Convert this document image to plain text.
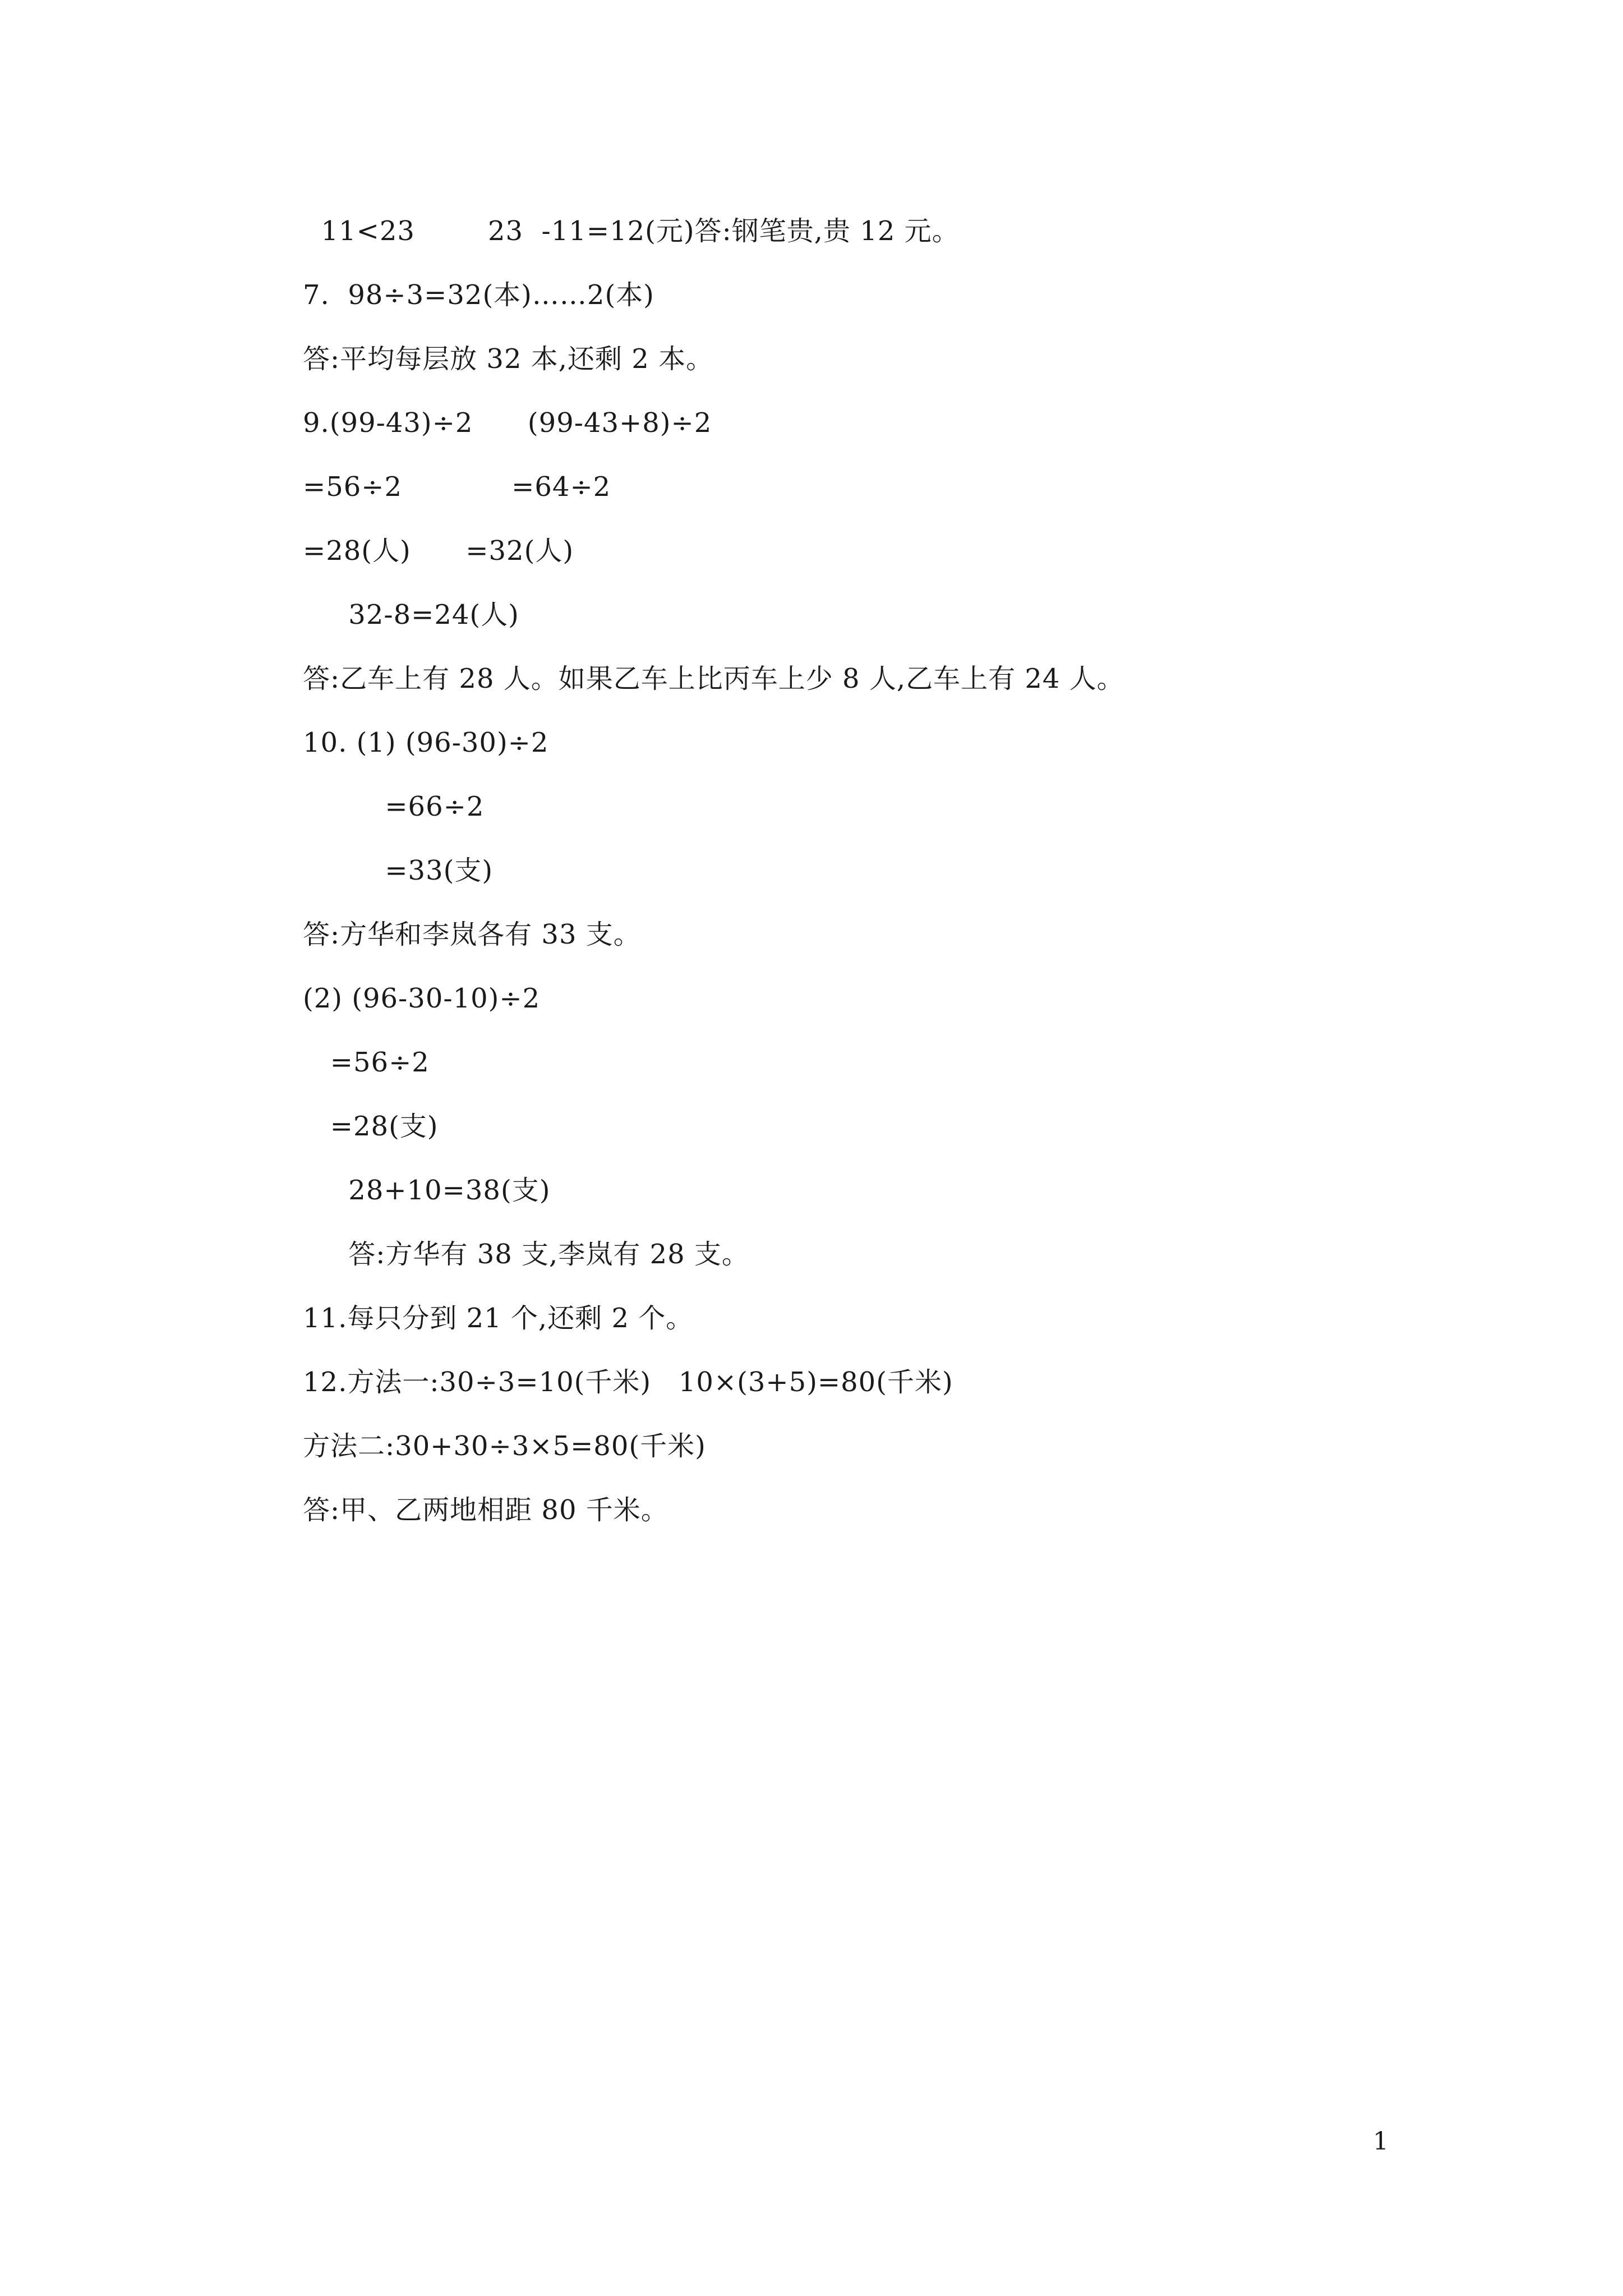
11<23        23  -11=12(元)答:钢笔贵,贵 12 元。
7.  98÷3=32(本)……2(本)
答:平均每层放 32 本,还剩 2 本。
9.(99-43)÷2      (99-43+8)÷2
=56÷2            =64÷2
=28(人)      =32(人)
32-8=24(人)
答:乙车上有 28 人。如果乙车上比丙车上少 8 人,乙车上有 24 人。
10. (1) (96-30)÷2
=66÷2
=33(支)
答:方华和李岚各有 33 支。
(2) (96-30-10)÷2
=56÷2
=28(支)
28+10=38(支)
答:方华有 38 支,李岚有 28 支。
11.每只分到 21 个,还剩 2 个。
12.方法一:30÷3=10(千米)   10×(3+5)=80(千米)
方法二:30+30÷3×5=80(千米)
答:甲、乙两地相距 80 千米。
1
